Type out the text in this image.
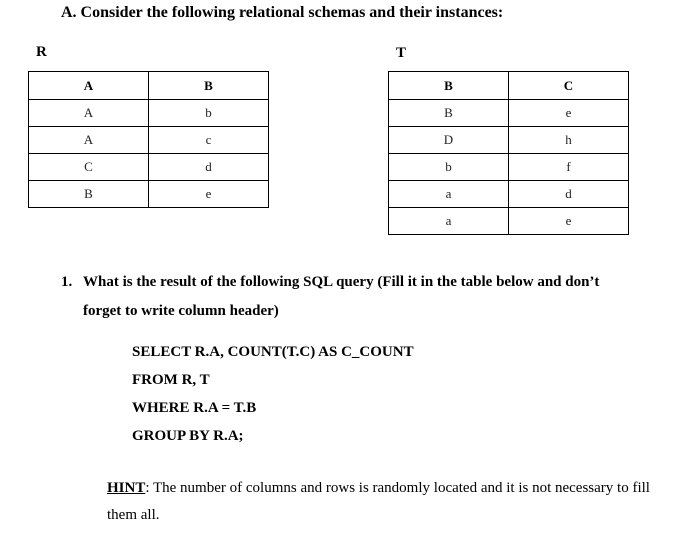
A. Consider the following relational schemas and their instances:
R	T
A	B
A	b
A	c
C	d
B	e
B	C
B	e
D	h
b	f
a	d
a	e
1. What is the result of the following SQL query (Fill it in the table below and don’t
forget to write column header)
SELECT R.A, COUNT(T.C) AS C_COUNT
FROM R, T
WHERE R.A = T.B
GROUP BY R.A;
HINT: The number of columns and rows is randomly located and it is not necessary to fill them all.
